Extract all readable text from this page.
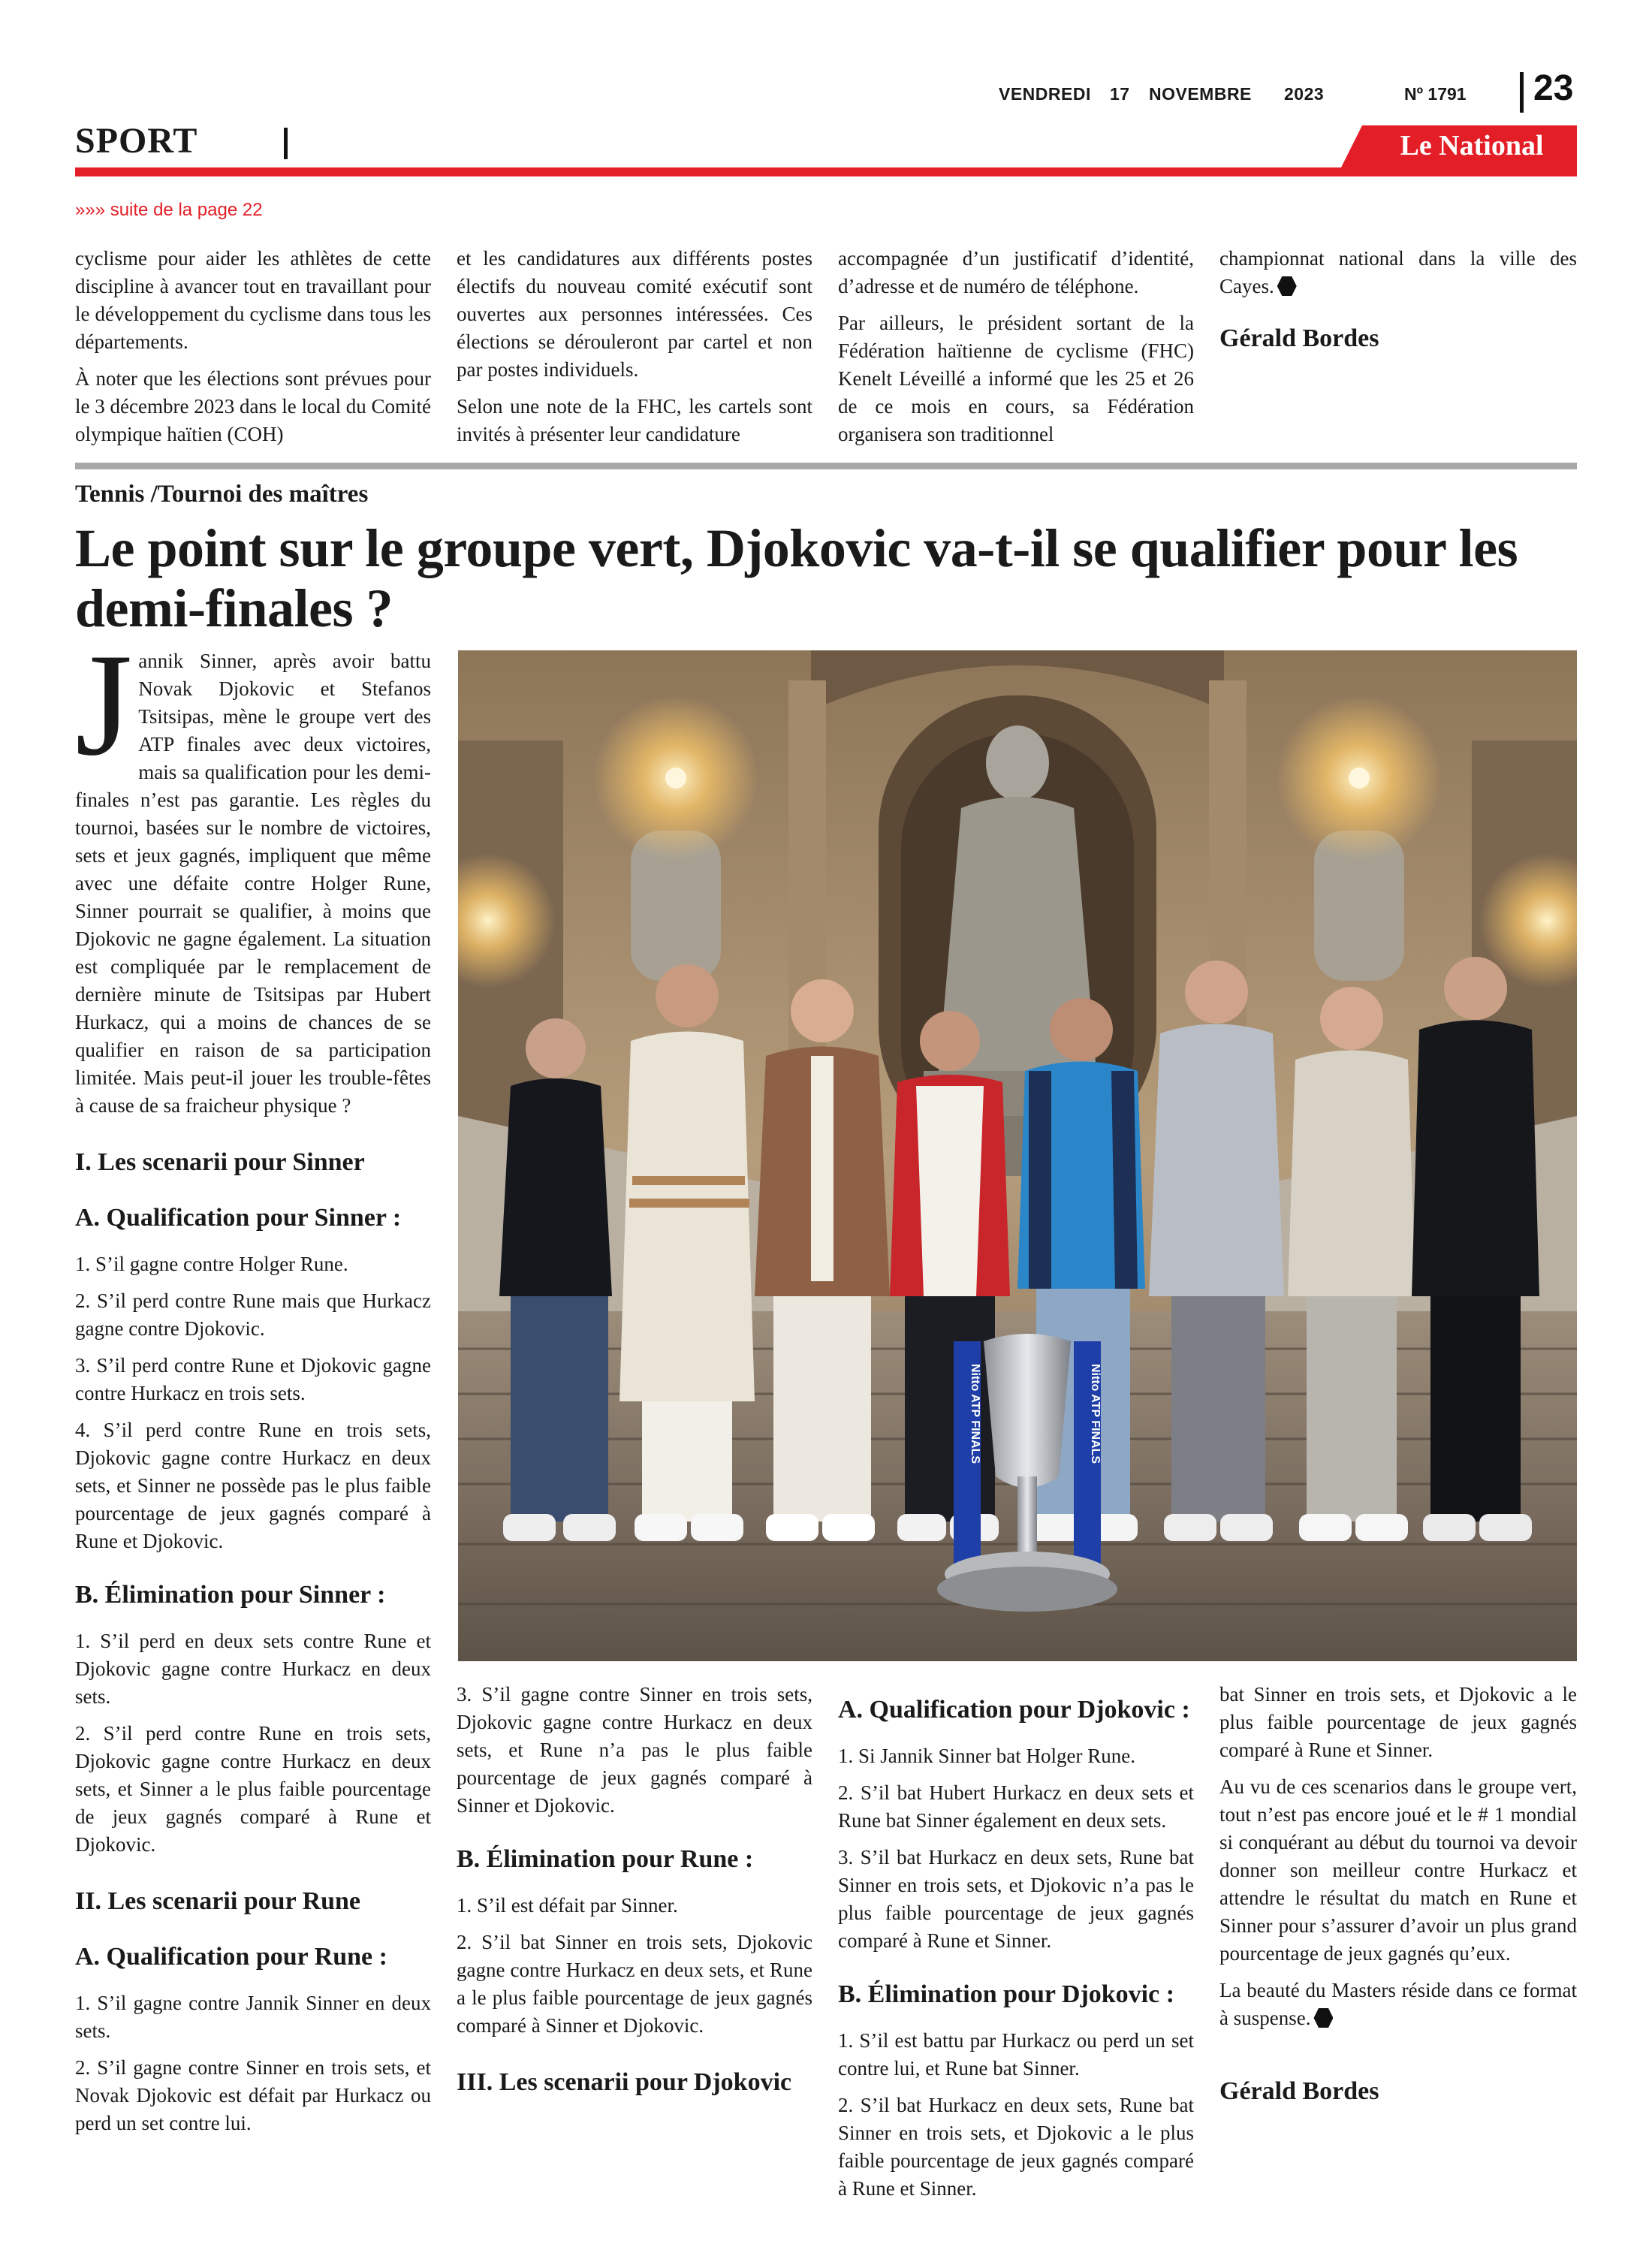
VENDREDI 17 NOVEMBRE 2023	Nº 1791 23
SPORT	Le National
»»» suite de la page 22

cyclisme pour aider les athlètes de cette discipline à avancer tout en travaillant pour le développement du cyclisme dans tous les départements.

À noter que les élections sont prévues pour le 3 décembre 2023 dans le local du Comité olympique haïtien (COH)

et les candidatures aux différents postes électifs du nouveau comité exécutif sont ouvertes aux personnes intéressées. Ces élections se dérouleront par cartel et non par postes individuels.

Selon une note de la FHC, les cartels sont invités à présenter leur candidature

accompagnée d’un justificatif d’identité, d’adresse et de numéro de téléphone.

Par ailleurs, le président sortant de la Fédération haïtienne de cyclisme (FHC) Kenelt Léveillé a informé que les 25 et 26 de ce mois en cours, sa Fédération organisera son traditionnel

championnat national dans la ville des Cayes.

Gérald Bordes
Tennis /Tournoi des maîtres
Le point sur le groupe vert, Djokovic va-t-il se qualifier pour les demi-finales ?

Jannik Sinner, après avoir battu Novak Djokovic et Stefanos Tsitsipas, mène le groupe vert des ATP finales avec deux victoires, mais sa qualification pour les demi-finales n’est pas garantie. Les règles du tournoi, basées sur le nombre de victoires, sets et jeux gagnés, impliquent que même avec une défaite contre Holger Rune, Sinner pourrait se qualifier, à moins que Djokovic ne gagne également. La situation est compliquée par le remplacement de dernière minute de Tsitsipas par Hubert Hurkacz, qui a moins de chances de se qualifier en raison de sa participation limitée. Mais peut-il jouer les trouble-fêtes à cause de sa fraicheur physique ?

I. Les scenarii pour Sinner
A. Qualification pour Sinner :

1. S’il gagne contre Holger Rune.

2. S’il perd contre Rune mais que Hurkacz gagne contre Djokovic.

3. S’il perd contre Rune et Djokovic gagne contre Hurkacz en trois sets.

4. S’il perd contre Rune en trois sets, Djokovic gagne contre Hurkacz en deux sets, et Sinner ne possède pas le plus faible pourcentage de jeux gagnés comparé à Rune et Djokovic.

B. Élimination pour Sinner :

1. S’il perd en deux sets contre Rune et Djokovic gagne contre Hurkacz en deux sets.

2. S’il perd contre Rune en trois sets, Djokovic gagne contre Hurkacz en deux sets, et Sinner a le plus faible pourcentage de jeux gagnés comparé à Rune et Djokovic.

II. Les scenarii pour Rune
A. Qualification pour Rune :

1. S’il gagne contre Jannik Sinner en deux sets.

2. S’il gagne contre Sinner en trois sets, et Novak Djokovic est défait par Hurkacz ou perd un set contre lui.

3. S’il gagne contre Sinner en trois sets, Djokovic gagne contre Hurkacz en deux sets, et Rune n’a pas le plus faible pourcentage de jeux gagnés comparé à Sinner et Djokovic.

B. Élimination pour Rune :

1. S’il est défait par Sinner.

2. S’il bat Sinner en trois sets, Djokovic gagne contre Hurkacz en deux sets, et Rune a le plus faible pourcentage de jeux gagnés comparé à Sinner et Djokovic.

III. Les scenarii pour Djokovic
A. Qualification pour Djokovic :

1. Si Jannik Sinner bat Holger Rune.

2. S’il bat Hubert Hurkacz en deux sets et Rune bat Sinner également en deux sets.

3. S’il bat Hurkacz en deux sets, Rune bat Sinner en trois sets, et Djokovic n’a pas le plus faible pourcentage de jeux gagnés comparé à Rune et Sinner.

B. Élimination pour Djokovic :

1. S’il est battu par Hurkacz ou perd un set contre lui, et Rune bat Sinner.

2. S’il bat Hurkacz en deux sets, Rune bat Sinner en trois sets, et Djokovic a le plus faible pourcentage de jeux gagnés comparé à Rune et Sinner.

bat Sinner en trois sets, et Djokovic a le plus faible pourcentage de jeux gagnés comparé à Rune et Sinner.

Au vu de ces scenarios dans le groupe vert, tout n’est pas encore joué et le # 1 mondial si conquérant au début du tournoi va devoir donner son meilleur contre Hurkacz et attendre le résultat du match en Rune et Sinner pour s’assurer d’avoir un plus grand pourcentage de jeux gagnés qu’eux.

La beauté du Masters réside dans ce format à suspense.

Gérald Bordes
Nitto ATP FINALS	Nitto ATP FINALS
